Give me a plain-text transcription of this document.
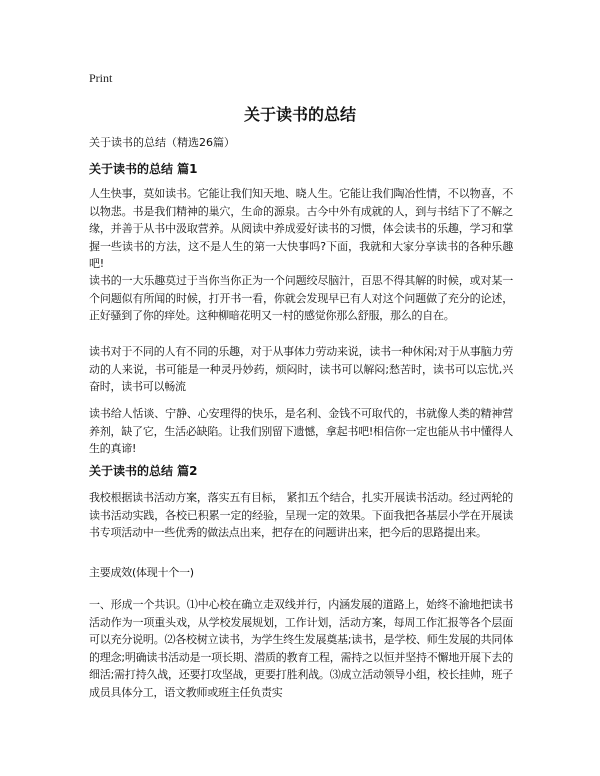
Print
关于读书的总结

关于读书的总结（精选26篇）

关于读书的总结 篇1

人生快事，莫如读书。它能让我们知天地、晓人生。它能让我们陶冶性情，不以物喜，不以物悲。书是我们精神的巢穴，生命的源泉。古今中外有成就的人，到与书结下了不解之缘，并善于从书中汲取营养。从阅读中养成爱好读书的习惯，体会读书的乐趣，学习和掌握一些读书的方法，这不是人生的第一大快事吗?下面，我就和大家分享读书的各种乐趣吧!

读书的一大乐趣莫过于当你当你正为一个问题绞尽脑汁，百思不得其解的时候，或对某一个问题似有所闻的时候，打开书一看，你就会发现早已有人对这个问题做了充分的论述，正好骚到了你的痒处。这种柳暗花明又一村的感觉你那么舒服，那么的自在。

读书对于不同的人有不同的乐趣，对于从事体力劳动来说，读书一种休闲;对于从事脑力劳动的人来说，书可能是一种灵丹妙药，烦闷时，读书可以解闷;愁苦时，读书可以忘忧,兴奋时，读书可以畅流

读书给人恬谈、宁静、心安理得的快乐，是名利、金钱不可取代的，书就像人类的精神营养剂，缺了它，生活必缺陷。让我们别留下遗憾，拿起书吧!相信你一定也能从书中懂得人生的真谛!

关于读书的总结 篇2

我校根据读书活动方案，落实五有目标， 紧扣五个结合，扎实开展读书活动。经过两轮的读书活动实践，各校已积累一定的经验，呈现一定的效果。下面我把各基层小学在开展读书专项活动中一些优秀的做法点出来，把存在的问题讲出来，把今后的思路提出来。

主要成效(体现十个一)

一、形成一个共识。⑴中心校在确立走双线并行，内涵发展的道路上，始终不渝地把读书活动作为一项重头戏，从学校发展规划，工作计划，活动方案，每周工作汇报等各个层面可以充分说明。⑵各校树立读书，为学生终生发展奠基;读书，是学校、师生发展的共同体的理念;明确读书活动是一项长期、潜质的教育工程，需持之以恒并坚持不懈地开展下去的细活;需打持久战，还要打攻坚战，更要打胜利战。⑶成立活动领导小组，校长挂帅，班子成员具体分工，语文教师或班主任负责实
